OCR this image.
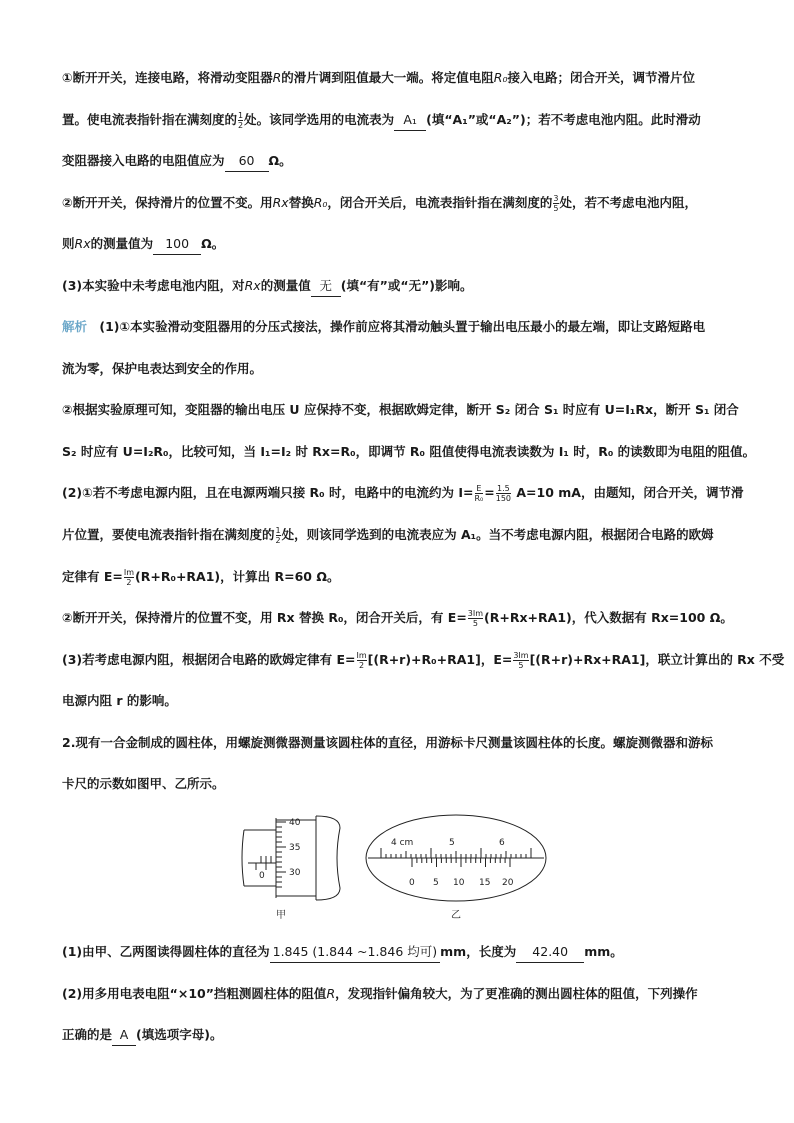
①断开开关，连接电路，将滑动变阻器R的滑片调到阻值最大一端。将定值电阻R₀接入电路；闭合开关，调节滑片位
置。使电流表指针指在满刻度的 $\frac{1}{2}$ 处。该同学选用的电流表为 A₁ (填“A₁”或“A₂”)；若不考虑电池内阻。此时滑动
变阻器接入电路的电阻值应为 60 Ω。
②断开开关，保持滑片的位置不变。用Rx替换R₀，闭合开关后，电流表指针指在满刻度的 $\frac{3}{5}$ 处，若不考虑电池内阻，
则Rx的测量值为 100 Ω。
(3)本实验中未考虑电池内阻，对Rx的测量值 无 (填“有”或“无”)影响。
解析 (1)①本实验滑动变阻器用的分压式接法，操作前应将其滑动触头置于输出电压最小的最左端，即让支路短路电
流为零，保护电表达到安全的作用。
②根据实验原理可知，变阻器的输出电压 U 应保持不变，根据欧姆定律，断开 S₂ 闭合 S₁ 时应有 U=I₁Rx，断开 S₁ 闭合
S₂ 时应有 U=I₂R₀，比较可知，当 I₁=I₂ 时 Rx=R₀，即调节 R₀ 阻值使得电流表读数为 I₁ 时，R₀ 的读数即为电阻的阻值。
(2)①若不考虑电源内阻，且在电源两端只接 R₀ 时，电路中的电流约为 $I= \frac{E}{\text{R₀}} = \frac{1.5}{150} A=10$ mA，由题知，闭合开关，调节滑
片位置，要使电流表指针指在满刻度的 $\frac{1}{2}$ 处，则该同学选到的电流表应为 A₁。当不考虑电源内阻，根据闭合电路的欧姆
定律有 $E= \frac{Im}{2} (R+R_0+RA1)$，计算出 R=60 Ω。
②断开开关，保持滑片的位置不变，用 Rx 替换 R₀，闭合开关后，有 $E= \frac{3Im}{5} (R+Rx+RA1)$，代入数据有 Rx=100 Ω。
(3)若考虑电源内阻，根据闭合电路的欧姆定律有 $E= \frac{Im}{2} [(R+r)+R_0+RA1]$，$E= \frac{3Im}{5} [(R+r)+Rx+RA1]$，联立计算出的 Rx 不受
电源内阻 r 的影响。
2.现有一合金制成的圆柱体，用螺旋测微器测量该圆柱体的直径，用游标卡尺测量该圆柱体的长度。螺旋测微器和游标
卡尺的示数如图甲、乙所示。
40
35
30
0
甲
4 cm	5	6
0 5 10 15 20
乙
(1)由甲、乙两图读得圆柱体的直径为 1.845 (1.844 ~1.846 均可) mm，长度为 42.40 mm。
(2)用多用电表电阻“×10”挡粗测圆柱体的阻值R，发现指针偏角较大，为了更准确的测出圆柱体的阻值，下列操作
正确的是 A (填选项字母)。
